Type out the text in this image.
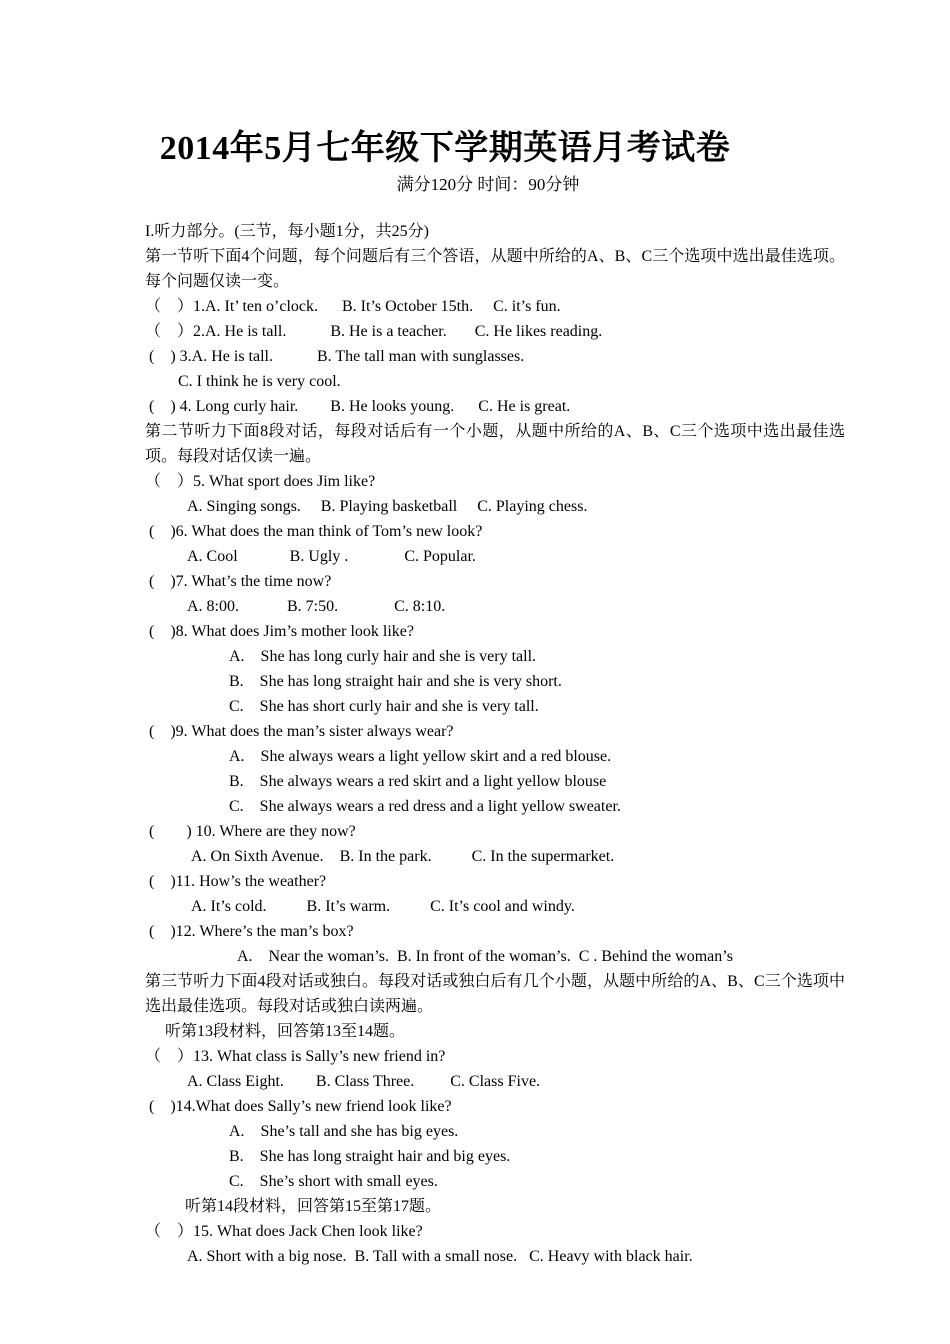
2014年5月七年级下学期英语月考试卷
满分120分 时间：90分钟
I.听力部分。(三节，每小题1分，共25分)
第一节听下面4个问题，每个问题后有三个答语，从题中所给的A、B、C三个选项中选出最佳选项。每个问题仅读一变。
（    ）1.A. It’ ten o’clock.      B. It’s October 15th.     C. it’s fun.
（    ）2.A. He is tall.           B. He is a teacher.       C. He likes reading.
(    ) 3.A. He is tall.           B. The tall man with sunglasses.
C. I think he is very cool.
(    ) 4. Long curly hair.        B. He looks young.      C. He is great.
第二节听力下面8段对话，每段对话后有一个小题，从题中所给的A、B、C三个选项中选出最佳选项。每段对话仅读一遍。
（    ）5. What sport does Jim like?
A. Singing songs.     B. Playing basketball     C. Playing chess.
(    )6. What does the man think of Tom’s new look?
A. Cool             B. Ugly .              C. Popular.
(    )7. What’s the time now?
A. 8:00.            B. 7:50.              C. 8:10.
(    )8. What does Jim’s mother look like?
A.    She has long curly hair and she is very tall.
B.    She has long straight hair and she is very short.
C.    She has short curly hair and she is very tall.
(    )9. What does the man’s sister always wear?
A.    She always wears a light yellow skirt and a red blouse.
B.    She always wears a red skirt and a light yellow blouse
C.    She always wears a red dress and a light yellow sweater.
(        ) 10. Where are they now?
A. On Sixth Avenue.    B. In the park.          C. In the supermarket.
(    )11. How’s the weather?
A. It’s cold.          B. It’s warm.          C. It’s cool and windy.
(    )12. Where’s the man’s box?
A.    Near the woman’s.  B. In front of the woman’s.  C . Behind the woman’s
第三节听力下面4段对话或独白。每段对话或独白后有几个小题，从题中所给的A、B、C三个选项中选出最佳选项。每段对话或独白读两遍。
听第13段材料，回答第13至14题。
（    ）13. What class is Sally’s new friend in?
A. Class Eight.        B. Class Three.         C. Class Five.
(    )14.What does Sally’s new friend look like?
A.    She’s tall and she has big eyes.
B.    She has long straight hair and big eyes.
C.    She’s short with small eyes.
听第14段材料，回答第15至第17题。
（    ）15. What does Jack Chen look like?
A. Short with a big nose.  B. Tall with a small nose.   C. Heavy with black hair.
